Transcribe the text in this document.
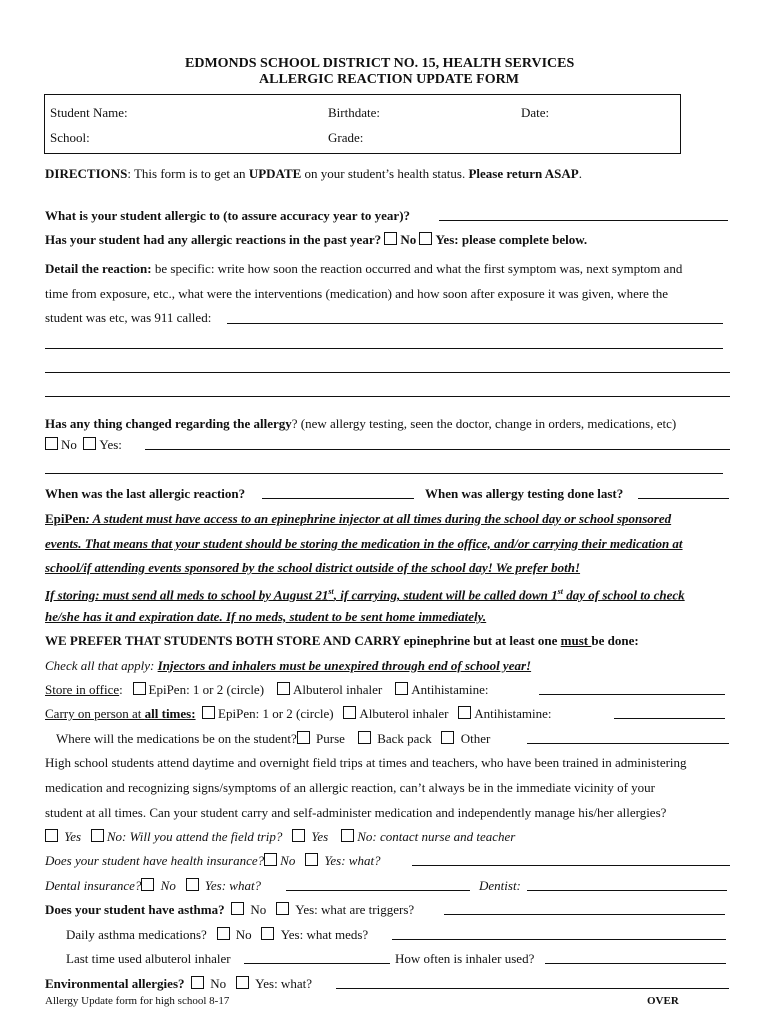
EDMONDS SCHOOL DISTRICT NO. 15, HEALTH SERVICES
ALLERGIC REACTION UPDATE FORM
Student Name:	Birthdate:	Date:
School:	Grade:
DIRECTIONS: This form is to get an UPDATE on your student’s health status. Please return ASAP.
What is your student allergic to (to assure accuracy year to year)?
Has your student had any allergic reactions in the past year? No Yes: please complete below.
Detail the reaction: be specific: write how soon the reaction occurred and what the first symptom was, next symptom and
time from exposure, etc., what were the interventions (medication) and how soon after exposure it was given, where the
student was etc, was 911 called:
Has any thing changed regarding the allergy? (new allergy testing, seen the doctor, change in orders, medications, etc)
No Yes:
When was the last allergic reaction?	When was allergy testing done last?
EpiPen: A student must have access to an epinephrine injector at all times during the school day or school sponsored
events. That means that your student should be storing the medication in the office, and/or carrying their medication at
school/if attending events sponsored by the school district outside of the school day! We prefer both!
If storing: must send all meds to school by August 21st, if carrying, student will be called down 1st day of school to check
he/she has it and expiration date. If no meds, student to be sent home immediately.
WE PREFER THAT STUDENTS BOTH STORE AND CARRY epinephrine but at least one must be done:
Check all that apply: Injectors and inhalers must be unexpired through end of school year!
Store in office: EpiPen: 1 or 2 (circle) Albuterol inhaler Antihistamine:
Carry on person at all times: EpiPen: 1 or 2 (circle) Albuterol inhaler Antihistamine:
Where will the medications be on the student? Purse Back pack Other
High school students attend daytime and overnight field trips at times and teachers, who have been trained in administering
medication and recognizing signs/symptoms of an allergic reaction, can’t always be in the immediate vicinity of your
student at all times. Can your student carry and self-administer medication and independently manage his/her allergies?
Yes No: Will you attend the field trip? Yes No: contact nurse and teacher
Does your student have health insurance? No Yes: what?
Dental insurance? No Yes: what?	Dentist:
Does your student have asthma? No Yes: what are triggers?
Daily asthma medications? No Yes: what meds?
Last time used albuterol inhaler	How often is inhaler used?
Environmental allergies? No Yes: what?
Allergy Update form for high school 8-17	OVER
